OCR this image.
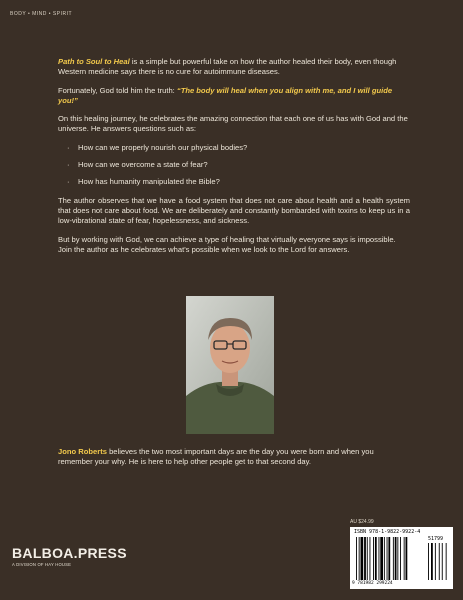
BODY • MIND • SPIRIT

Path to Soul to Heal is a simple but powerful take on how the author healed their body, even though Western medicine says there is no cure for autoimmune diseases.

Fortunately, God told him the truth: “The body will heal when you align with me, and I will guide you!”

On this healing journey, he celebrates the amazing connection that each one of us has with God and the universe. He answers questions such as:

· How can we properly nourish our physical bodies?
· How can we overcome a state of fear?
· How has humanity manipulated the Bible?

The author observes that we have a food system that does not care about health and a health system that does not care about food. We are deliberately and constantly bombarded with toxins to keep us in a low-vibrational state of fear, hopelessness, and sickness.

But by working with God, we can achieve a type of healing that virtually everyone says is impossible. Join the author as he celebrates what's possible when we look to the Lord for answers.

Jono Roberts believes the two most important days are the day you were born and when you remember your why. He is here to help other people get to that second day.

AU $24.99
ISBN 978-1-9822-9922-4
51799
9 781982 299224
BALBOA.PRESS
A DIVISION OF HAY HOUSE
